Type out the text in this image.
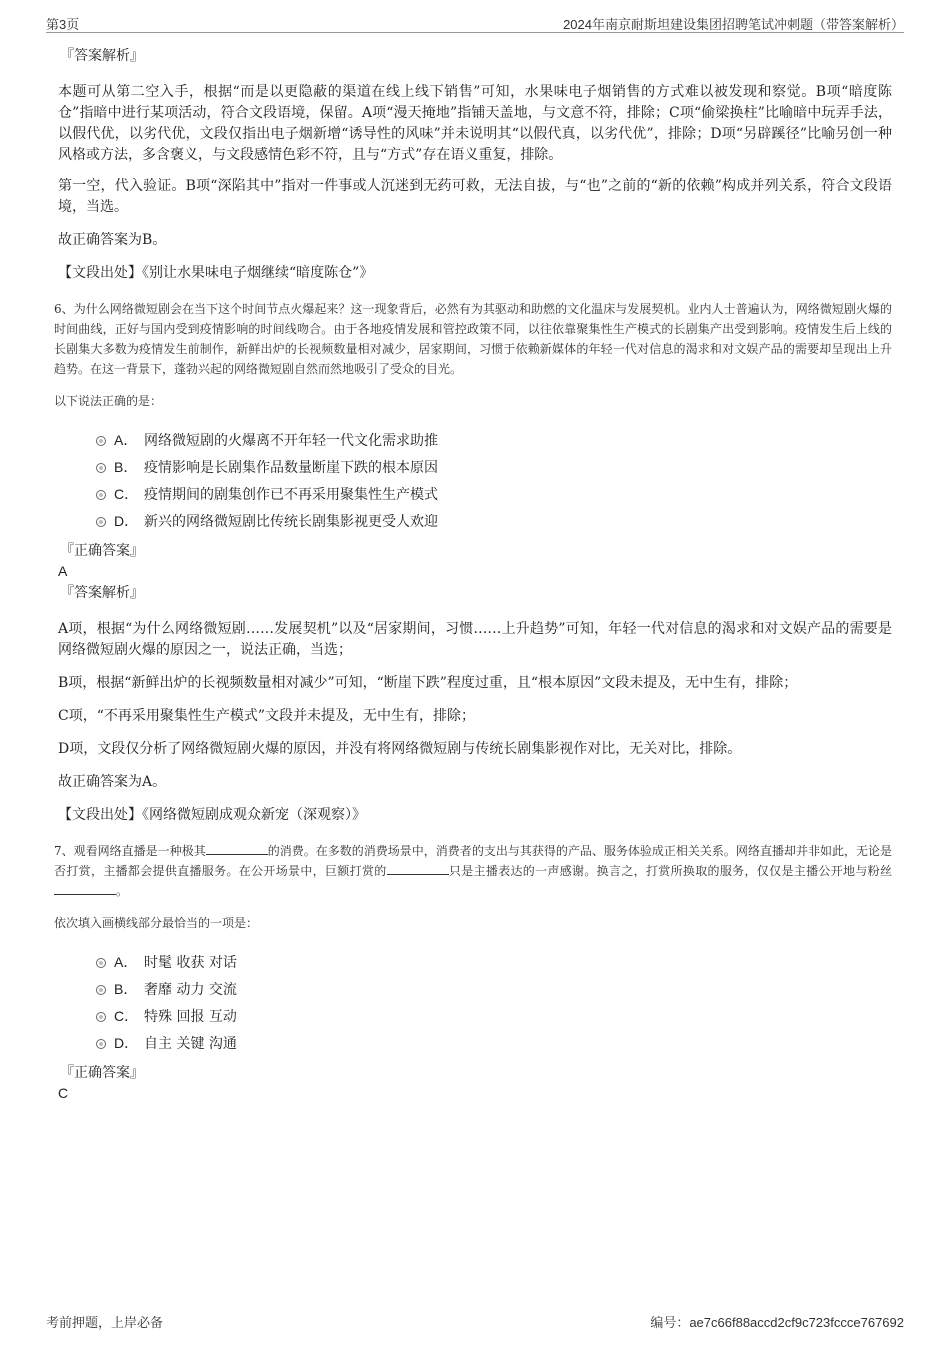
第3页	2024年南京耐斯坦建设集团招聘笔试冲刺题（带答案解析）
『答案解析』

本题可从第二空入手，根据“而是以更隐蔽的渠道在线上线下销售”可知，水果味电子烟销售的方式难以被发现和察觉。B项“暗度陈仓”指暗中进行某项活动，符合文段语境，保留。A项“漫天掩地”指铺天盖地，与文意不符，排除；C项“偷梁换柱”比喻暗中玩弄手法，以假代优，以劣代优，文段仅指出电子烟新增“诱导性的风味”并未说明其“以假代真，以劣代优”，排除；D项“另辟蹊径”比喻另创一种风格或方法，多含褒义，与文段感情色彩不符，且与“方式”存在语义重复，排除。

第一空，代入验证。B项“深陷其中”指对一件事或人沉迷到无药可救，无法自拔，与“也”之前的“新的依赖”构成并列关系，符合文段语境，当选。

故正确答案为B。

【文段出处】《别让水果味电子烟继续“暗度陈仓”》

6、为什么网络微短剧会在当下这个时间节点火爆起来？这一现象背后，必然有为其驱动和助燃的文化温床与发展契机。业内人士普遍认为，网络微短剧火爆的时间曲线，正好与国内受到疫情影响的时间线吻合。由于各地疫情发展和管控政策不同，以往依靠聚集性生产模式的长剧集产出受到影响。疫情发生后上线的长剧集大多数为疫情发生前制作，新鲜出炉的长视频数量相对减少，居家期间，习惯于依赖新媒体的年轻一代对信息的渴求和对文娱产品的需要却呈现出上升趋势。在这一背景下，蓬勃兴起的网络微短剧自然而然地吸引了受众的目光。

以下说法正确的是：
A． 网络微短剧的火爆离不开年轻一代文化需求助推
B． 疫情影响是长剧集作品数量断崖下跌的根本原因
C． 疫情期间的剧集创作已不再采用聚集性生产模式
D． 新兴的网络微短剧比传统长剧集影视更受人欢迎
『正确答案』
A
『答案解析』

A项，根据“为什么网络微短剧……发展契机”以及“居家期间，习惯……上升趋势”可知，年轻一代对信息的渴求和对文娱产品的需要是网络微短剧火爆的原因之一，说法正确，当选；

B项，根据“新鲜出炉的长视频数量相对减少”可知，“断崖下跌”程度过重，且“根本原因”文段未提及，无中生有，排除；

C项，“不再采用聚集性生产模式”文段并未提及，无中生有，排除；

D项，文段仅分析了网络微短剧火爆的原因，并没有将网络微短剧与传统长剧集影视作对比，无关对比，排除。

故正确答案为A。

【文段出处】《网络微短剧成观众新宠（深观察）》

7、观看网络直播是一种极其	的消费。在多数的消费场景中，消费者的支出与其获得的产品、服务体验成正相关关系。网络直播却并非如此，无论是否打赏，主播都会提供直播服务。在公开场景中，巨额打赏的	只是主播表达的一声感谢。换言之，打赏所换取的服务，仅仅是主播公开地与粉丝。

依次填入画横线部分最恰当的一项是：
A． 时髦 收获 对话
B． 奢靡 动力 交流
C． 特殊 回报 互动
D． 自主 关键 沟通
『正确答案』
C
考前押题，上岸必备	编号：ae7c66f88accd2cf9c723fccce767692
